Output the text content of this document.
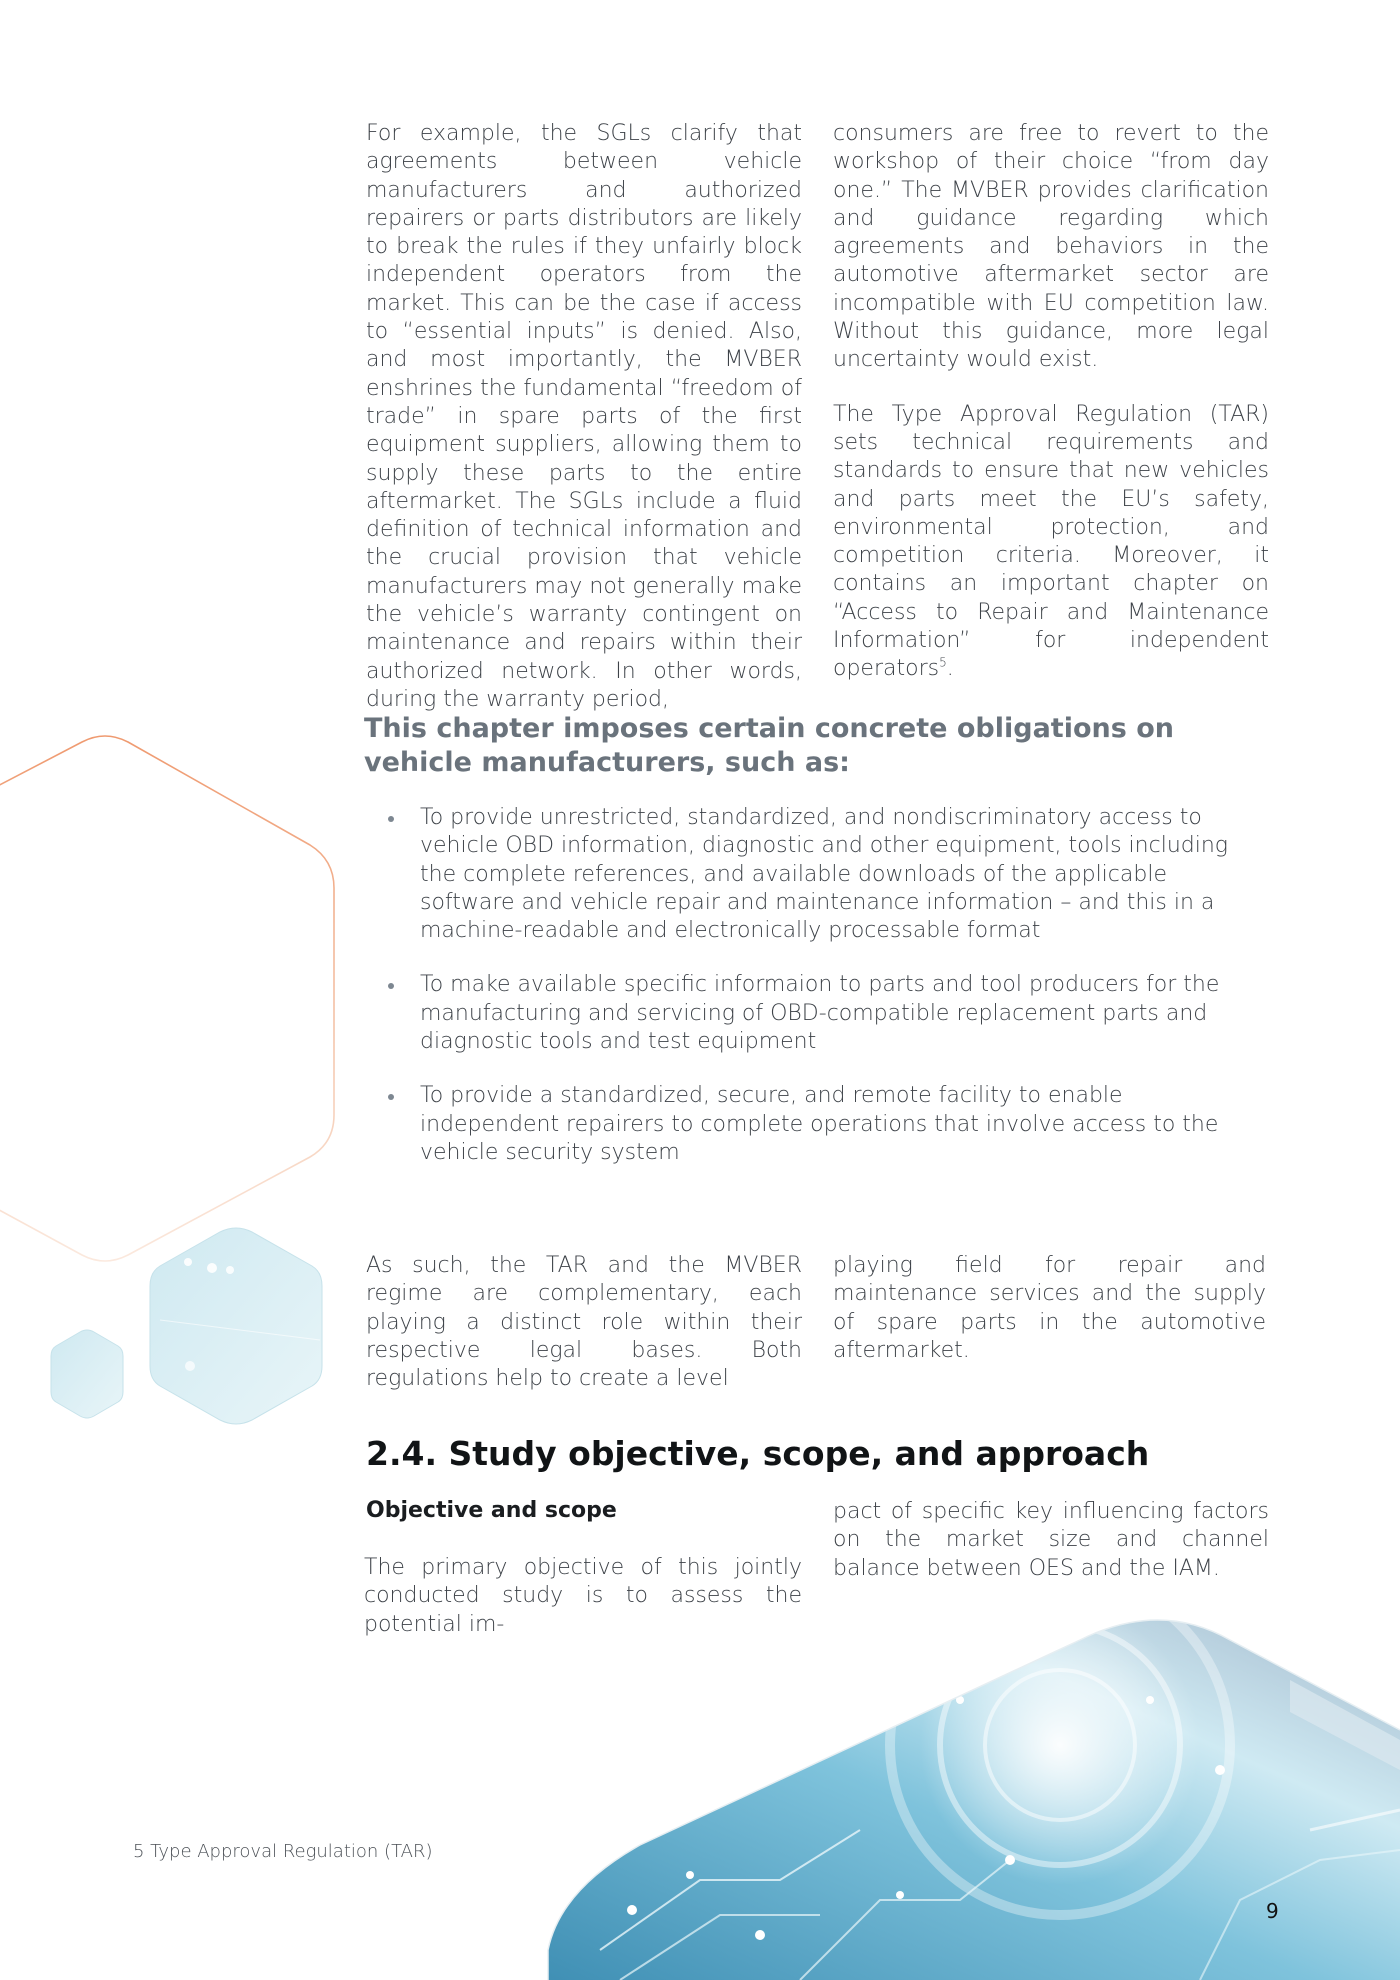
For example, the SGLs clarify that agreements between vehicle manufacturers and authorized repairers or parts distributors are likely to break the rules if they unfairly block independent operators from the market. This can be the case if access to “essential inputs” is denied. Also, and most importantly, the MVBER enshrines the fundamental “freedom of trade” in spare parts of the first equipment suppliers, allowing them to supply these parts to the entire aftermarket. The SGLs include a fluid definition of technical information and the crucial provision that vehicle manufacturers may not generally make the vehicle’s warranty contingent on maintenance and repairs within their authorized network. In other words, during the warranty period,

consumers are free to revert to the workshop of their choice “from day one.” The MVBER provides clarification and guidance regarding which agreements and behaviors in the automotive aftermarket sector are incompatible with EU competition law. Without this guidance, more legal uncertainty would exist.

The Type Approval Regulation (TAR) sets technical requirements and standards to ensure that new vehicles and parts meet the EU’s safety, environmental protection, and competition criteria. Moreover, it contains an important chapter on “Access to Repair and Maintenance Information” for independent operators$^5$.

This chapter imposes certain concrete obligations on vehicle manufacturers, such as:
To provide unrestricted, standardized, and nondiscriminatory access to vehicle OBD information, diagnostic and other equipment, tools including the complete references, and available downloads of the applicable software and vehicle repair and maintenance information – and this in a machine-readable and electronically processable format
To make available specific informaion to parts and tool producers for the manufacturing and servicing of OBD-compatible replacement parts and diagnostic tools and test equipment
To provide a standardized, secure, and remote facility to enable independent repairers to complete operations that involve access to the vehicle security system

As such, the TAR and the MVBER regime are complementary, each playing a distinct role within their respective legal bases. Both regulations help to create a level

playing field for repair and maintenance services and the supply of spare parts in the automotive aftermarket.

2.4. Study objective, scope, and approach
Objective and scope

The primary objective of this jointly conducted study is to assess the potential im-

pact of specific key influencing factors on the market size and channel balance between OES and the IAM.

5 Type Approval Regulation (TAR)
9
